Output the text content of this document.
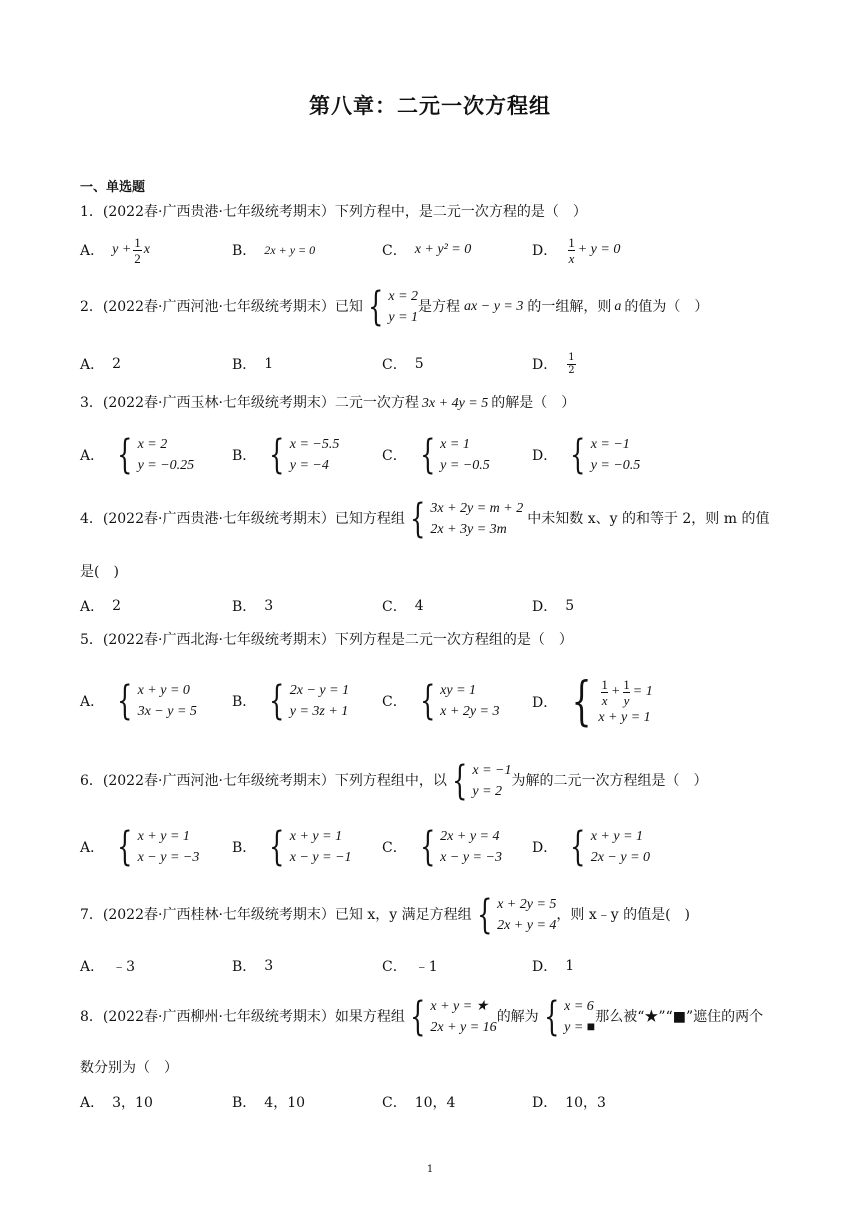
第八章：二元一次方程组
一、单选题
1．(2022春·广西贵港·七年级统考期末）下列方程中，是二元一次方程的是（　）
A． $y + \frac{1}{2}$ x	B． 2x + y = 0	C． x + y² = 0	D． $\frac{1}{x} + y = 0$
2．(2022春·广西河池·七年级统考期末）已知 { x = 2
y = 1
是方程 ax − y = 3 的一组解，则 a 的值为（　）
A． 2	B． 1	C． 5	D． $\frac{1}{2}$
3．(2022春·广西玉林·七年级统考期末）二元一次方程 3x + 4y = 5 的解是（　）
A． { x = 2
y = −0.25
B． { x = −5.5
y = −4
C． { x = 1
y = −0.5
D． { x = −1
y = −0.5
4．(2022春·广西贵港·七年级统考期末）已知方程组 { 3x + 2y = m + 2
2x + 3y = 3m
中未知数 x、y 的和等于 2，则 m 的值
是(　)
A． 2	B． 3	C． 4	D． 5
5．(2022春·广西北海·七年级统考期末）下列方程是二元一次方程组的是（　）
A． { x + y = 0
3x − y = 5
B． { 2x − y = 1
y = 3z + 1
C． { xy = 1
x + 2y = 3
D． { $\frac{1}{x} + \frac{1}{y} = 1$
x + y = 1
6．(2022春·广西河池·七年级统考期末）下列方程组中，以 { x = −1
y = 2
为解的二元一次方程组是（　）
A． { x + y = 1
x − y = −3
B． { x + y = 1
x − y = −1
C． { 2x + y = 4
x − y = −3
D． { x + y = 1
2x − y = 0
7．(2022春·广西桂林·七年级统考期末）已知 x，y 满足方程组 { x + 2y = 5
2x + y = 4
，则 x﹣y 的值是(　)
A． ﹣3	B． 3	C． ﹣1	D． 1
8．(2022春·广西柳州·七年级统考期末）如果方程组 { x + y = ★
2x + y = 16
的解为 { x = 6
y = ■
那么被“★”“■”遮住的两个
数分别为（　）
A． 3，10	B． 4，10	C． 10，4	D． 10，3
1
